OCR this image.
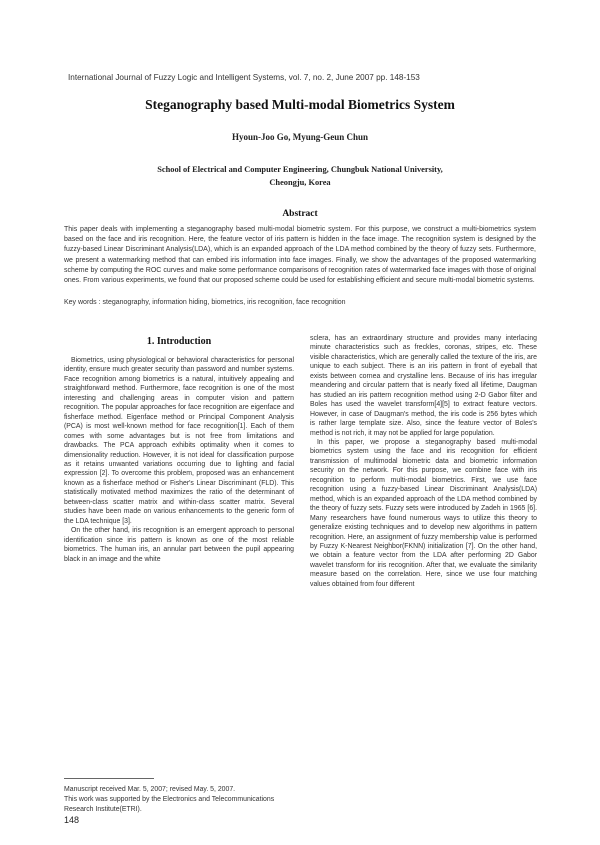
International Journal of Fuzzy Logic and Intelligent Systems, vol. 7, no. 2, June 2007 pp. 148-153
Steganography based Multi-modal Biometrics System
Hyoun-Joo Go, Myung-Geun Chun
School of Electrical and Computer Engineering, Chungbuk National University,
Cheongju, Korea
Abstract

This paper deals with implementing a steganography based multi-modal biometric system. For this purpose, we construct a multi-biometrics system based on the face and iris recognition. Here, the feature vector of iris pattern is hidden in the face image. The recognition system is designed by the fuzzy-based Linear Discriminant Analysis(LDA), which is an expanded approach of the LDA method combined by the theory of fuzzy sets. Furthermore, we present a watermarking method that can embed iris information into face images. Finally, we show the advantages of the proposed watermarking scheme by computing the ROC curves and make some performance comparisons of recognition rates of watermarked face images with those of original ones. From various experiments, we found that our proposed scheme could be used for establishing efficient and secure multi-modal biometric systems.

Key words : steganography, information hiding, biometrics, iris recognition, face recognition

1. Introduction

Biometrics, using physiological or behavioral characteristics for personal identity, ensure much greater security than password and number systems. Face recognition among biometrics is a natural, intuitively appealing and straightforward method. Furthermore, face recognition is one of the most interesting and challenging areas in computer vision and pattern recognition. The popular approaches for face recognition are eigenface and fisherface method. Eigenface method or Principal Component Analysis (PCA) is most well-known method for face recognition[1]. Each of them comes with some advantages but is not free from limitations and drawbacks. The PCA approach exhibits optimality when it comes to dimensionality reduction. However, it is not ideal for classification purpose as it retains unwanted variations occurring due to lighting and facial expression [2]. To overcome this problem, proposed was an enhancement known as a fisherface method or Fisher's Linear Discriminant (FLD). This statistically motivated method maximizes the ratio of the determinant of between-class scatter matrix and within-class scatter matrix. Several studies have been made on various enhancements to the generic form of the LDA technique [3].
On the other hand, iris recognition is an emergent approach to personal identification since iris pattern is known as one of the most reliable biometrics. The human iris, an annular part between the pupil appearing black in an image and the white

Manuscript received Mar. 5, 2007; revised May. 5, 2007.
This work was supported by the Electronics and Telecommunications Research Institute(ETRI).

sclera, has an extraordinary structure and provides many interlacing minute characteristics such as freckles, coronas, stripes, etc. These visible characteristics, which are generally called the texture of the iris, are unique to each subject. There is an iris pattern in front of eyeball that exists between cornea and crystalline lens. Because of iris has irregular meandering and circular pattern that is nearly fixed all lifetime, Daugman has studied an iris pattern recognition method using 2-D Gabor filter and Boles has used the wavelet transform[4][5] to extract feature vectors. However, in case of Daugman's method, the iris code is 256 bytes which is rather large template size. Also, since the feature vector of Boles's method is not rich, it may not be applied for large population.
In this paper, we propose a steganography based multi-modal biometrics system using the face and iris recognition for efficient transmission of multimodal biometric data and biometric information security on the network. For this purpose, we combine face with iris recognition to perform multi-modal biometrics. First, we use face recognition using a fuzzy-based Linear Discriminant Analysis(LDA) method, which is an expanded approach of the LDA method combined by the theory of fuzzy sets. Fuzzy sets were introduced by Zadeh in 1965 [6]. Many researchers have found numerous ways to utilize this theory to generalize existing techniques and to develop new algorithms in pattern recognition. Here, an assignment of fuzzy membership value is performed by Fuzzy K-Nearest Neighbor(FKNN) initialization [7]. On the other hand, we obtain a feature vector from the LDA after performing 2D Gabor wavelet transform for iris recognition. After that, we evaluate the similarity measure based on the correlation. Here, since we use four matching values obtained from four different

148
